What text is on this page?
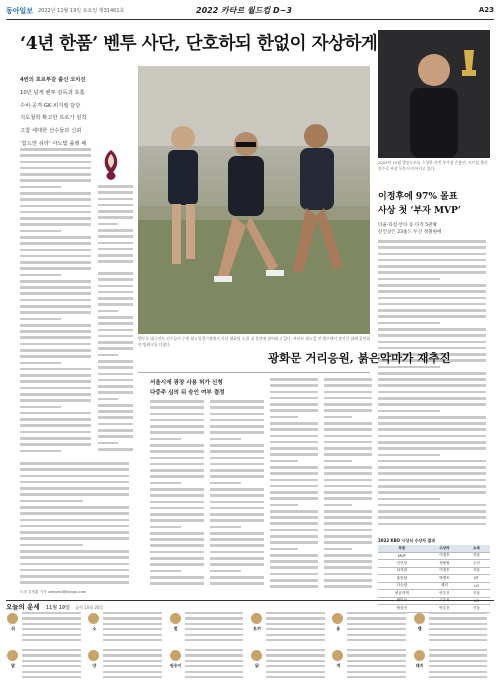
동아일보 2022년 11월 19일 토요일 제31461호	2022 카타르 월드컵 D−3	A23
‘4년 한품’ 벤투 사단, 단호하되 한없이 자상하게
4번의 포르투갈 출신 코치진
10년 넘게 벤투 감독과 호흡
수비·공격·GK·피지컬 담당
지도철학 확고한 프로가 원칙
고참 세대한 선수들과 신뢰
‘힘드면 쉬라’ 아노빛 플레 배
벤투호 태극전사 선수들이 수원 월드컵경기장에서 지난 대표팀 소집 첫 훈련에 참여하고 있다. 카타르 월드컵 전 캠프에서 장기간 함께 훈련하며 팀워크를 다졌다.
2022년 10월 발롱도르를 수상한 사전 부주장 손흥민. 토트넘 출신 선수로 부상 투혼이 이어지고 있다.
이정후에 97% 몰표
사상 첫 ‘부자 MVP’
타율·타점·안타 등 타격 5관왕
신인상은 23홈드 두산 정철원에
2022 KBO 시상식 수상자 결과
부문	수상자	소속
MVP	이정후	키움
신인상	정철원	두산
타격왕	이정후	키움
홈런왕	박병호	KT
다승왕	켈리	LG
평균자책	안우진	키움
세이브	고우석	LG
탈삼진	안우진	키움
광화문 거리응원, 붉은악마가 재추진
서울시에 광장 사용 허가 신청
다중주 심의 뒤 승인 여부 결정
도하 김정훈 기자 vwbyeol@donga.com
오늘의 운세 11월 19일 음력 10월 26일
쥐	소	범	토끼	용	뱀
말	양	원숭이	닭	개	돼지
